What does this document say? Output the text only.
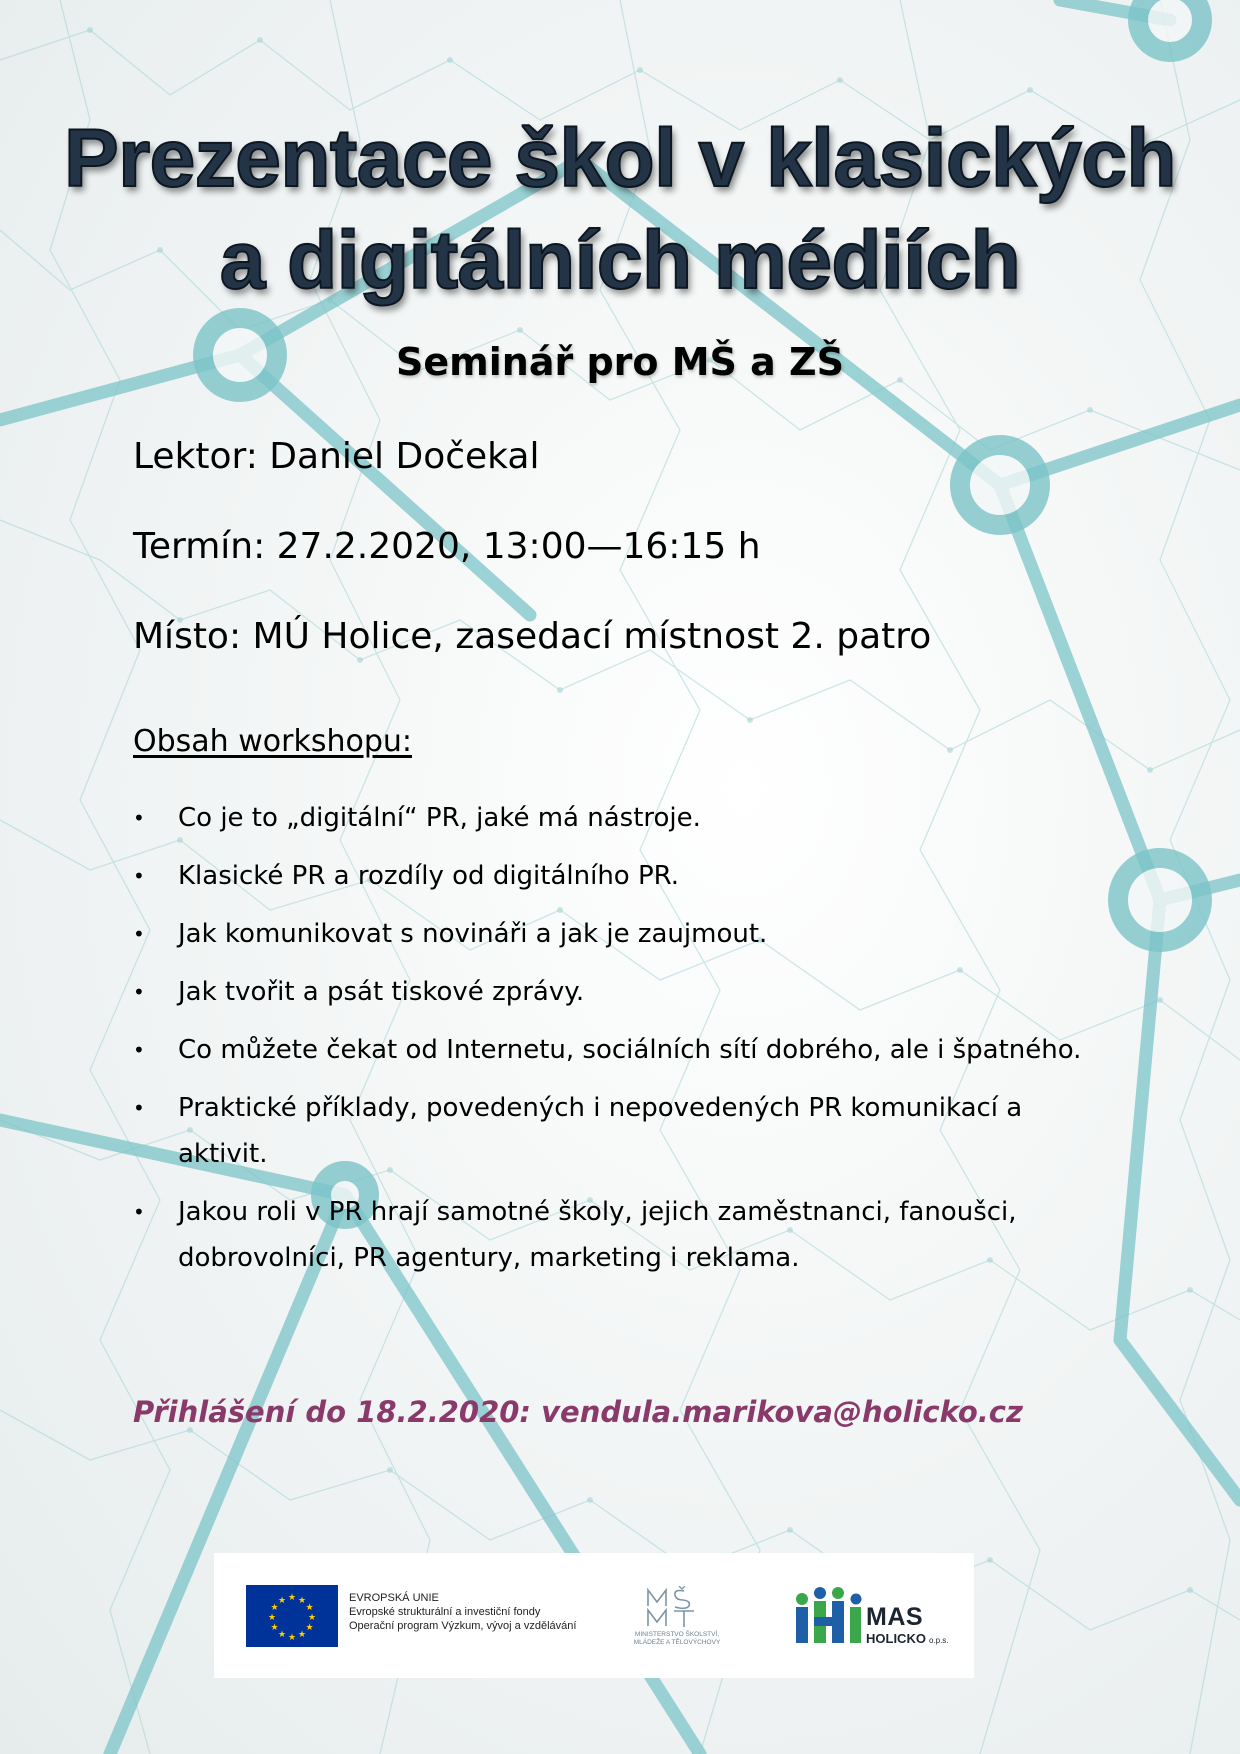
Prezentace škol v klasických
a digitálních médiích
Seminář pro MŠ a ZŠ
Lektor: Daniel Dočekal
Termín: 27.2.2020, 13:00—16:15 h
Místo: MÚ Holice, zasedací místnost 2. patro
Obsah workshopu:
• Co je to „digitální“ PR, jaké má nástroje.
• Klasické PR a rozdíly od digitálního PR.
• Jak komunikovat s novináři a jak je zaujmout.
• Jak tvořit a psát tiskové zprávy.
• Co můžete čekat od Internetu, sociálních sítí dobrého, ale i špatného.
• Praktické příklady, povedených i nepovedených PR komunikací a aktivit.
• Jakou roli v PR hrají samotné školy, jejich zaměstnanci, fanoušci, dobrovolníci, PR agentury, marketing i reklama.
Přihlášení do 18.2.2020: vendula.marikova@holicko.cz
★ ★
★
★
★
★
★
★
★
★
★
★	EVROPSKÁ UNIE
Evropské strukturální a investiční fondy
Operační program Výzkum, vývoj a vzdělávání
MINISTERSTVO ŠKOLSTVÍ,
MLÁDEŽE A TĚLOVÝCHOVY
MAS
HOLICKO o.p.s.
